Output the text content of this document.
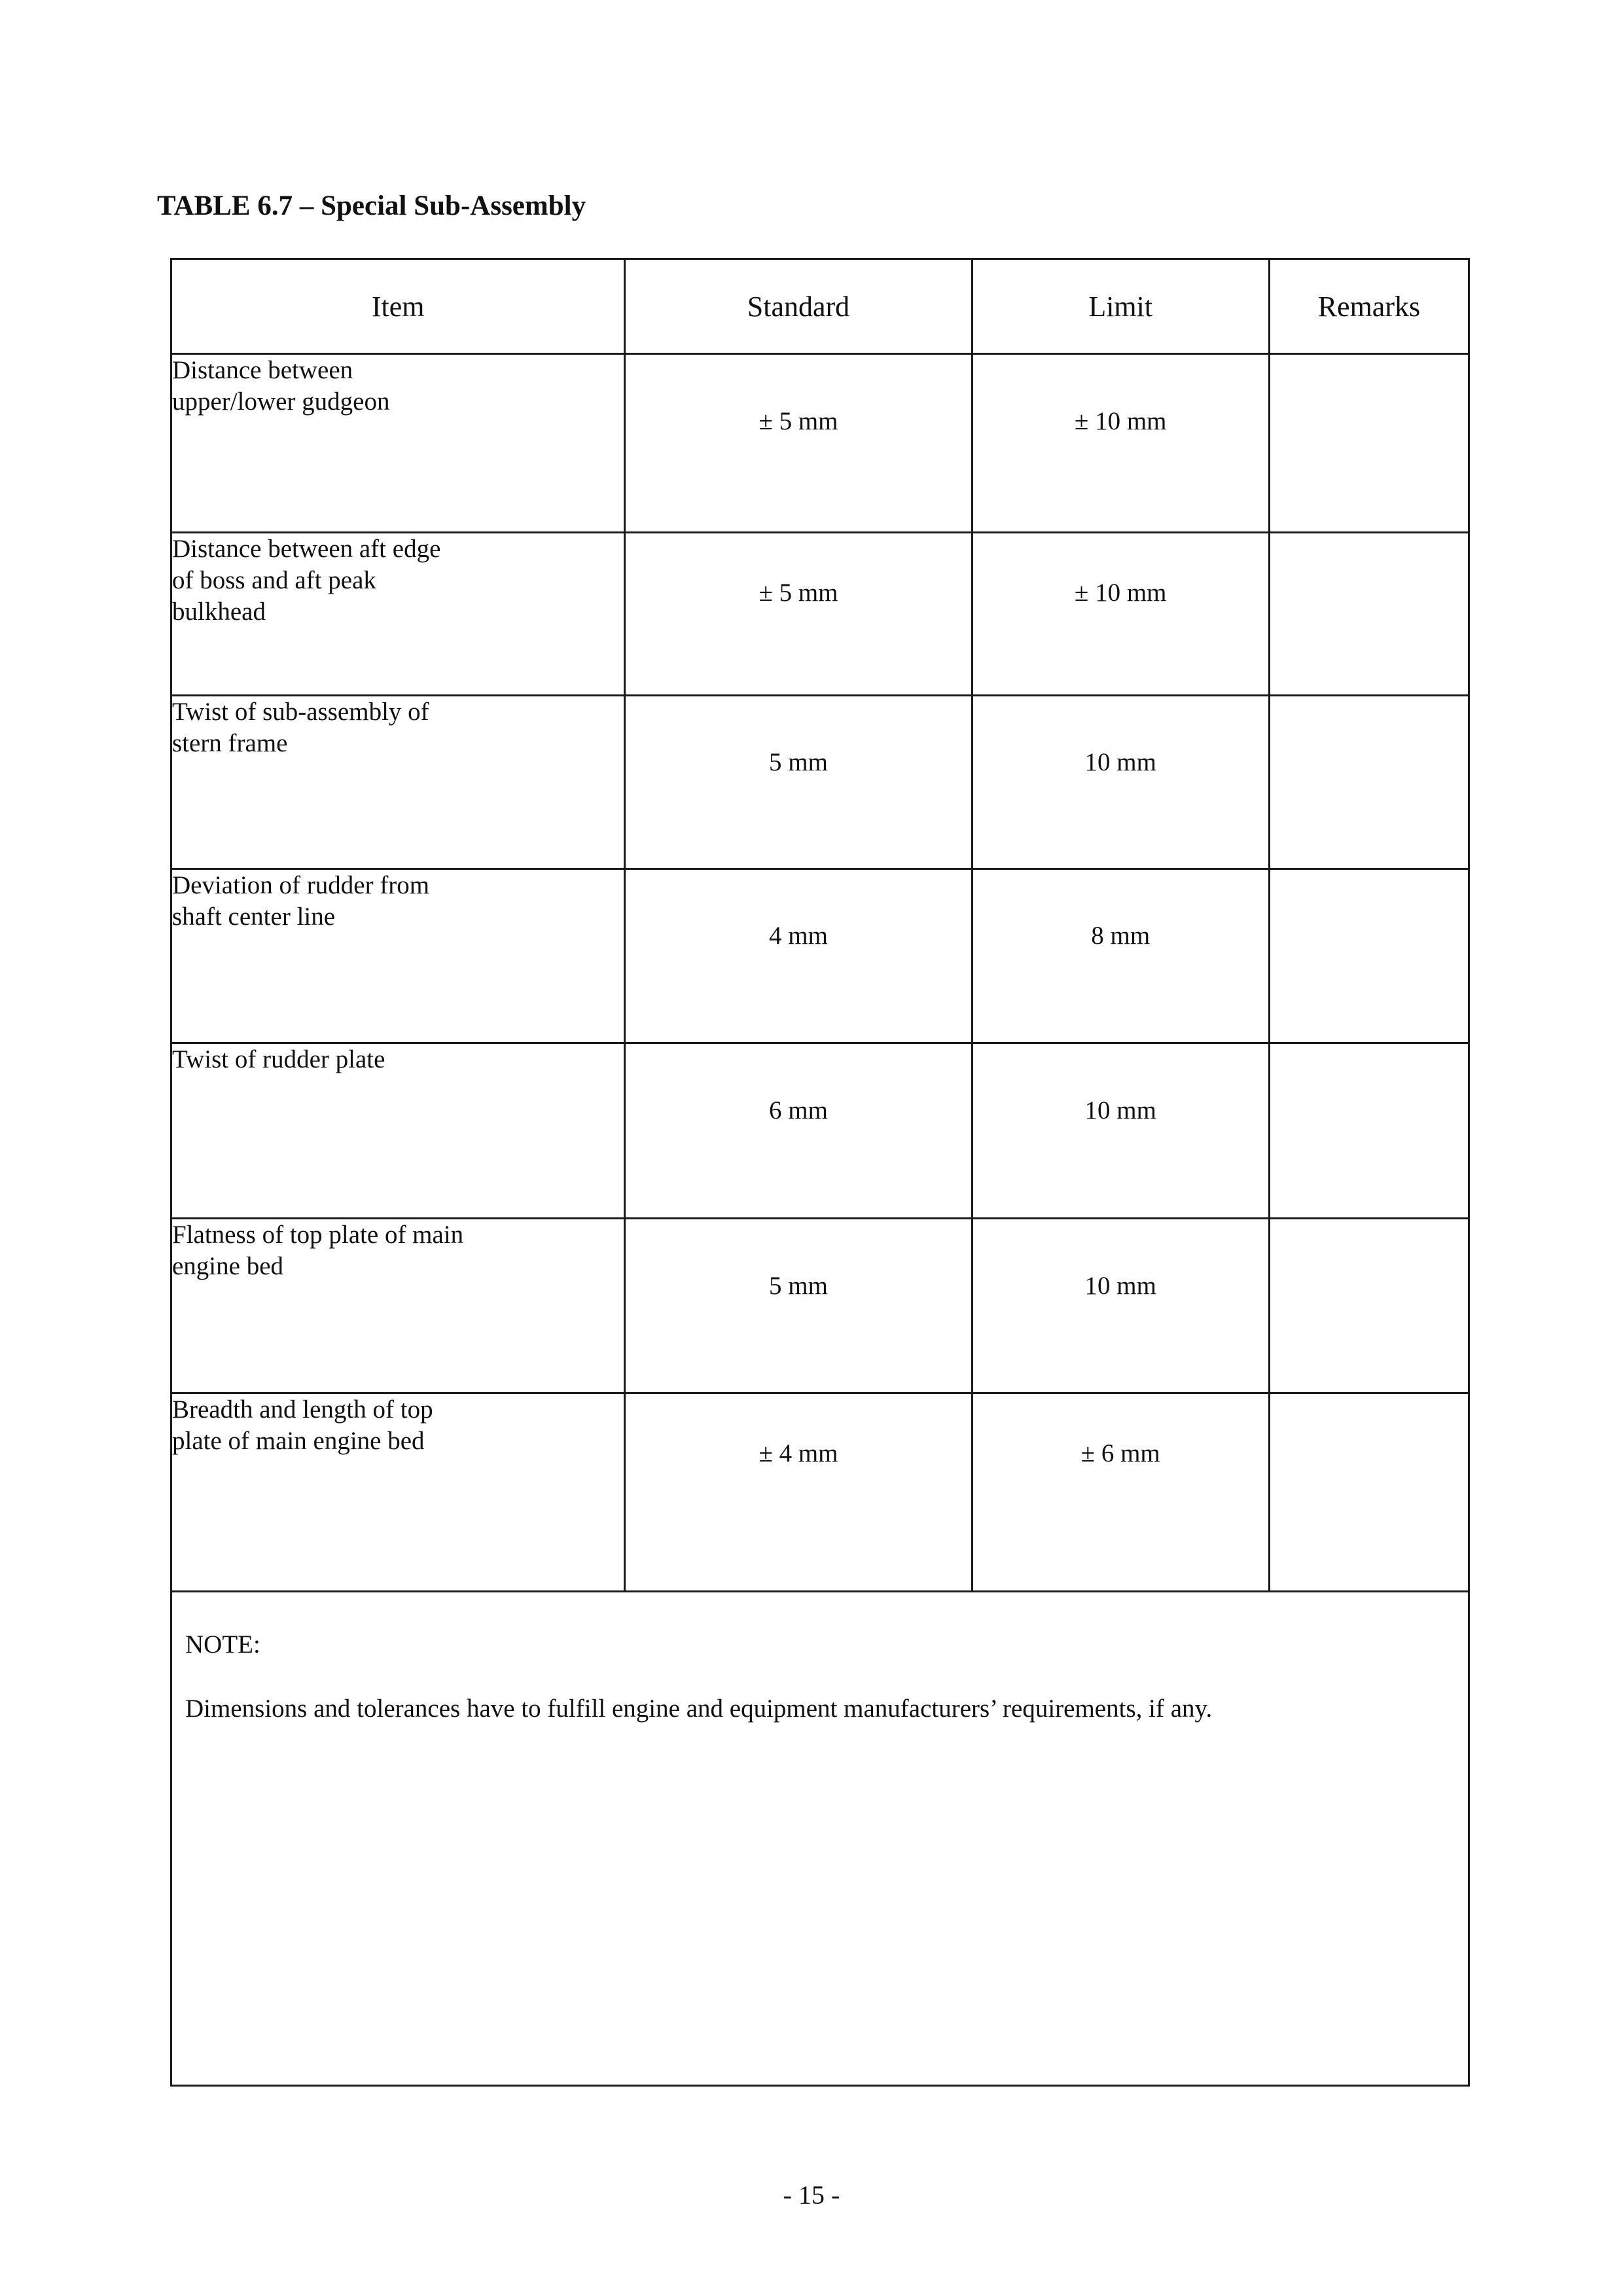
TABLE 6.7 – Special Sub-Assembly
Item	Standard	Limit	Remarks

Distance between
upper/lower gudgeon	± 5 mm	± 10 mm	

Distance between aft edge
of boss and aft peak
bulkhead	± 5 mm	± 10 mm	

Twist of sub-assembly of
stern frame	5 mm	10 mm	

Deviation of rudder from
shaft center line	4 mm	8 mm	

Twist of rudder plate	6 mm	10 mm	

Flatness of top plate of main
engine bed	5 mm	10 mm	

Breadth and length of top
plate of main engine bed	± 4 mm	± 6 mm	

NOTE:
Dimensions and tolerances have to fulfill engine and equipment manufacturers’ requirements, if any.			
- 15 -
